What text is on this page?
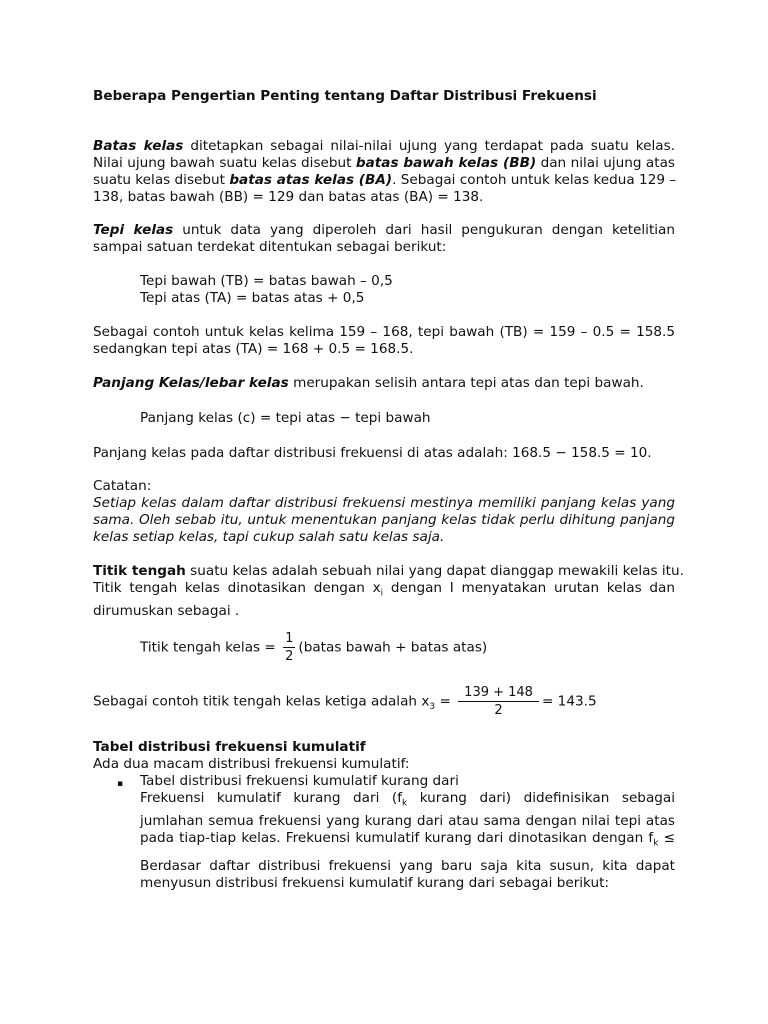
Beberapa Pengertian Penting tentang Daftar Distribusi Frekuensi
Batas kelas ditetapkan sebagai nilai-nilai ujung yang terdapat pada suatu kelas.
Nilai ujung bawah suatu kelas disebut batas bawah kelas (BB) dan nilai ujung atas
suatu kelas disebut batas atas kelas (BA). Sebagai contoh untuk kelas kedua 129 –
138, batas bawah (BB) = 129 dan batas atas (BA) = 138.
Tepi kelas untuk data yang diperoleh dari hasil pengukuran dengan ketelitian
sampai satuan terdekat ditentukan sebagai berikut:
Tepi bawah (TB) = batas bawah – 0,5
Tepi atas (TA) = batas atas + 0,5
Sebagai contoh untuk kelas kelima 159 – 168, tepi bawah (TB) = 159 – 0.5 = 158.5
sedangkan tepi atas (TA) = 168 + 0.5 = 168.5.
Panjang Kelas/lebar kelas merupakan selisih antara tepi atas dan tepi bawah.
Panjang kelas (c) = tepi atas − tepi bawah
Panjang kelas pada daftar distribusi frekuensi di atas adalah: 168.5 − 158.5 = 10.
Catatan:
Setiap kelas dalam daftar distribusi frekuensi mestinya memiliki panjang kelas yang
sama. Oleh sebab itu, untuk menentukan panjang kelas tidak perlu dihitung panjang
kelas setiap kelas, tapi cukup salah satu kelas saja.
Titik tengah suatu kelas adalah sebuah nilai yang dapat dianggap mewakili kelas itu.
Titik tengah kelas dinotasikan dengan $x_i$ dengan I menyatakan urutan kelas dan
dirumuskan sebagai .
Titik tengah kelas = $\frac{1}{2}$ (batas bawah + batas atas)
Sebagai contoh titik tengah kelas ketiga adalah $x_3 = \frac{139 + 148}{2} = 143.5$
Tabel distribusi frekuensi kumulatif
Ada dua macam distribusi frekuensi kumulatif:
▪ Tabel distribusi frekuensi kumulatif kurang dari
Frekuensi kumulatif kurang dari ($f_k$ kurang dari) didefinisikan sebagai
jumlahan semua frekuensi yang kurang dari atau sama dengan nilai tepi atas
pada tiap-tiap kelas. Frekuensi kumulatif kurang dari dinotasikan dengan $f_k$ ≤
Berdasar daftar distribusi frekuensi yang baru saja kita susun, kita dapat
menyusun distribusi frekuensi kumulatif kurang dari sebagai berikut:
